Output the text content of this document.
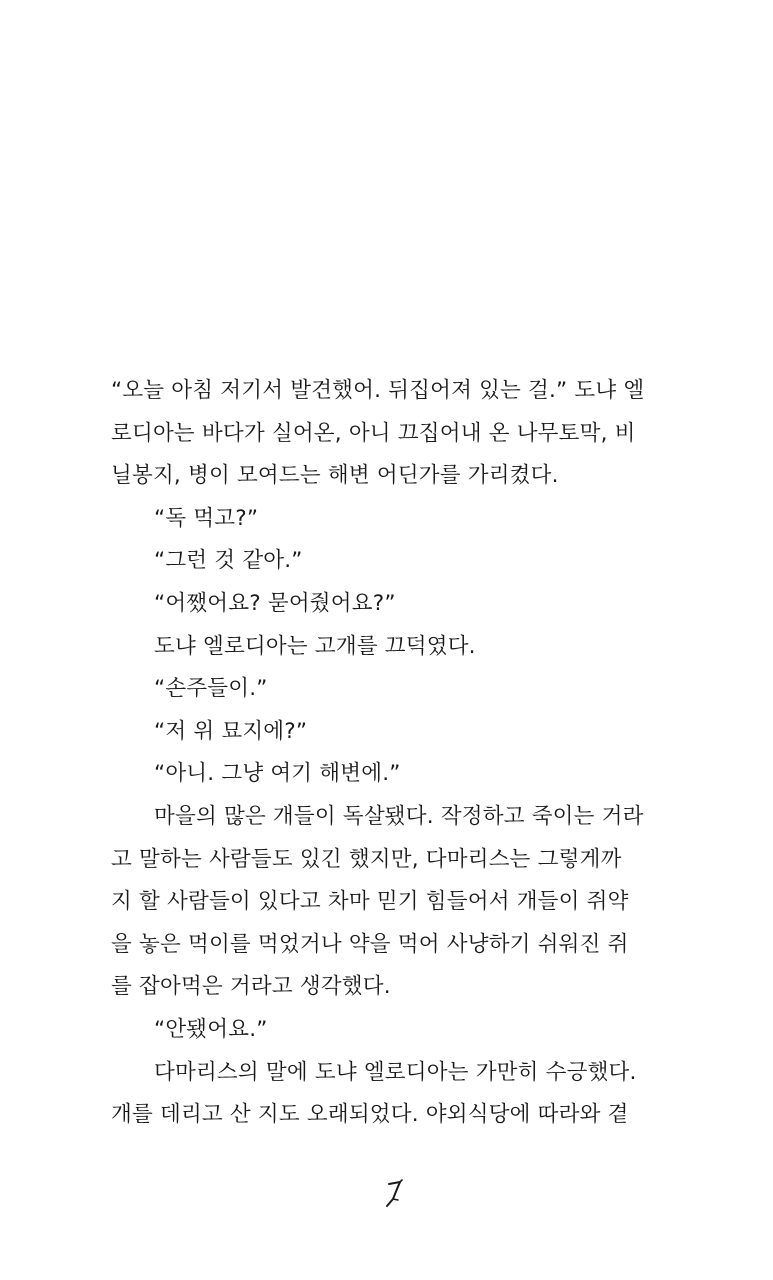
“오늘 아침 저기서 발견했어. 뒤집어져 있는 걸.” 도냐 엘
로디아는 바다가 실어온, 아니 끄집어내 온 나무토막, 비
닐봉지, 병이 모여드는 해변 어딘가를 가리켰다.
“독 먹고?”
“그런 것 같아.”
“어쨌어요? 묻어줬어요?”
도냐 엘로디아는 고개를 끄덕였다.
“손주들이.”
“저 위 묘지에?”
“아니. 그냥 여기 해변에.”
마을의 많은 개들이 독살됐다. 작정하고 죽이는 거라
고 말하는 사람들도 있긴 했지만, 다마리스는 그렇게까
지 할 사람들이 있다고 차마 믿기 힘들어서 개들이 쥐약
을 놓은 먹이를 먹었거나 약을 먹어 사냥하기 쉬워진 쥐
를 잡아먹은 거라고 생각했다.
“안됐어요.”
다마리스의 말에 도냐 엘로디아는 가만히 수긍했다.
개를 데리고 산 지도 오래되었다. 야외식당에 따라와 곁
